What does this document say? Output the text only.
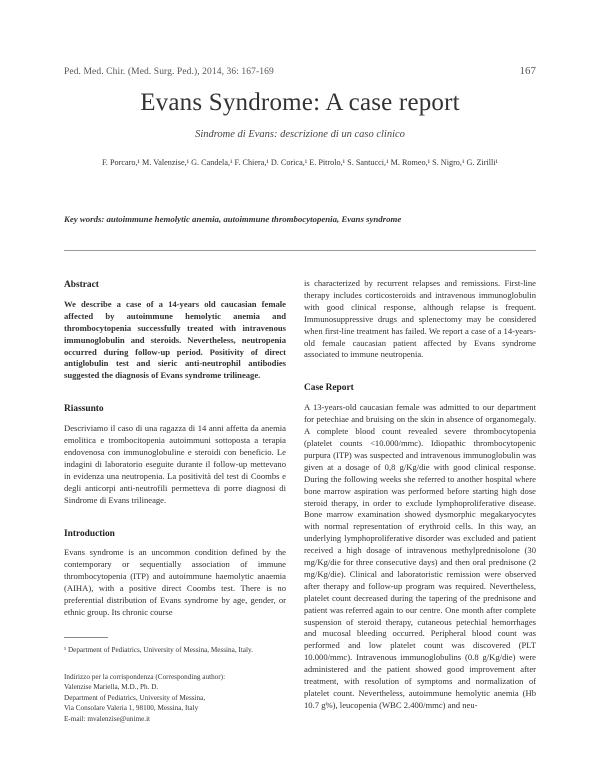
Ped. Med. Chir. (Med. Surg. Ped.), 2014, 36: 167-169	167
Evans Syndrome: A case report
Sindrome di Evans: descrizione di un caso clinico
F. Porcaro,¹ M. Valenzise,¹ G. Candela,¹ F. Chiera,¹ D. Corica,¹ E. Pitrolo,¹ S. Santucci,¹ M. Romeo,¹ S. Nigro,¹ G. Zirilli¹
Key words: autoimmune hemolytic anemia, autoimmune thrombocytopenia, Evans syndrome
Abstract

We describe a case of a 14-years old caucasian female affected by autoimmune hemolytic anemia and thrombocytopenia successfully treated with intravenous immunoglobulin and steroids. Nevertheless, neutropenia occurred during follow-up period. Positivity of direct antiglobulin test and sieric anti-neutrophil antibodies suggested the diagnosis of Evans syndrome trilineage.

Riassunto

Descriviamo il caso di una ragazza di 14 anni affetta da anemia emolitica e trombocitopenia autoimmuni sottoposta a terapia endovenosa con immunoglobuline e steroidi con beneficio. Le indagini di laboratorio eseguite durante il follow-up mettevano in evidenza una neutropenia. La positività del test di Coombs e degli anticorpi anti-neutrofili permetteva di porre diagnosi di Sindrome di Evans trilineage.

Introduction

Evans syndrome is an uncommon condition defined by the contemporary or sequentially association of immune thrombocytopenia (ITP) and autoimmune haemolytic anaemia (AIHA), with a positive direct Coombs test. There is no preferential distribution of Evans syndrome by age, gender, or ethnic group. Its chronic course

is characterized by recurrent relapses and remissions. First-line therapy includes corticosteroids and intravenous immunoglobulin with good clinical response, although relapse is frequent. Immunosuppressive drugs and splenectomy may be considered when first-line treatment has failed. We report a case of a 14-years-old female caucasian patient affected by Evans syndrome associated to immune neutropenia.

Case Report

A 13-years-old caucasian female was admitted to our department for petechiae and bruising on the skin in absence of organomegaly. A complete blood count revealed severe thrombocytopenia (platelet counts <10.000/mmc). Idiopathic thrombocytopenic purpura (ITP) was suspected and intravenous immunoglobulin was given at a dosage of 0,8 g/Kg/die with good clinical response. During the following weeks she referred to another hospital where bone marrow aspiration was performed before starting high dose steroid therapy, in order to exclude lymphoproliferative disease. Bone marrow examination showed dysmorphic megakaryocytes with normal representation of erythroid cells. In this way, an underlying lymphoproliferative disorder was excluded and patient received a high dosage of intravenous methylprednisolone (30 mg/Kg/die for three consecutive days) and then oral prednisone (2 mg/Kg/die). Clinical and laboratoristic remission were observed after therapy and follow-up program was required. Nevertheless, platelet count decreased during the tapering of the prednisone and patient was referred again to our centre. One month after complete suspension of steroid therapy, cutaneous petechial hemorrhages and mucosal bleeding occurred. Peripheral blood count was performed and low platelet count was discovered (PLT 10.000/mmc). Intravenous immunoglobulins (0.8 g/Kg/die) were administered and the patient showed good improvement after treatment, with resolution of symptoms and normalization of platelet count. Nevertheless, autoimmune hemolytic anemia (Hb 10.7 g%), leucopenia (WBC 2.400/mmc) and neu-

¹ Department of Pediatrics, University of Messina, Messina, Italy.
Indirizzo per la corrispondenza (Corresponding author):
Valenzise Mariella, M.D., Ph. D.
Department of Pediatrics, University of Messina,
Via Consolare Valeria 1, 98100, Messina, Italy
E-mail: mvalenzise@unime.it
